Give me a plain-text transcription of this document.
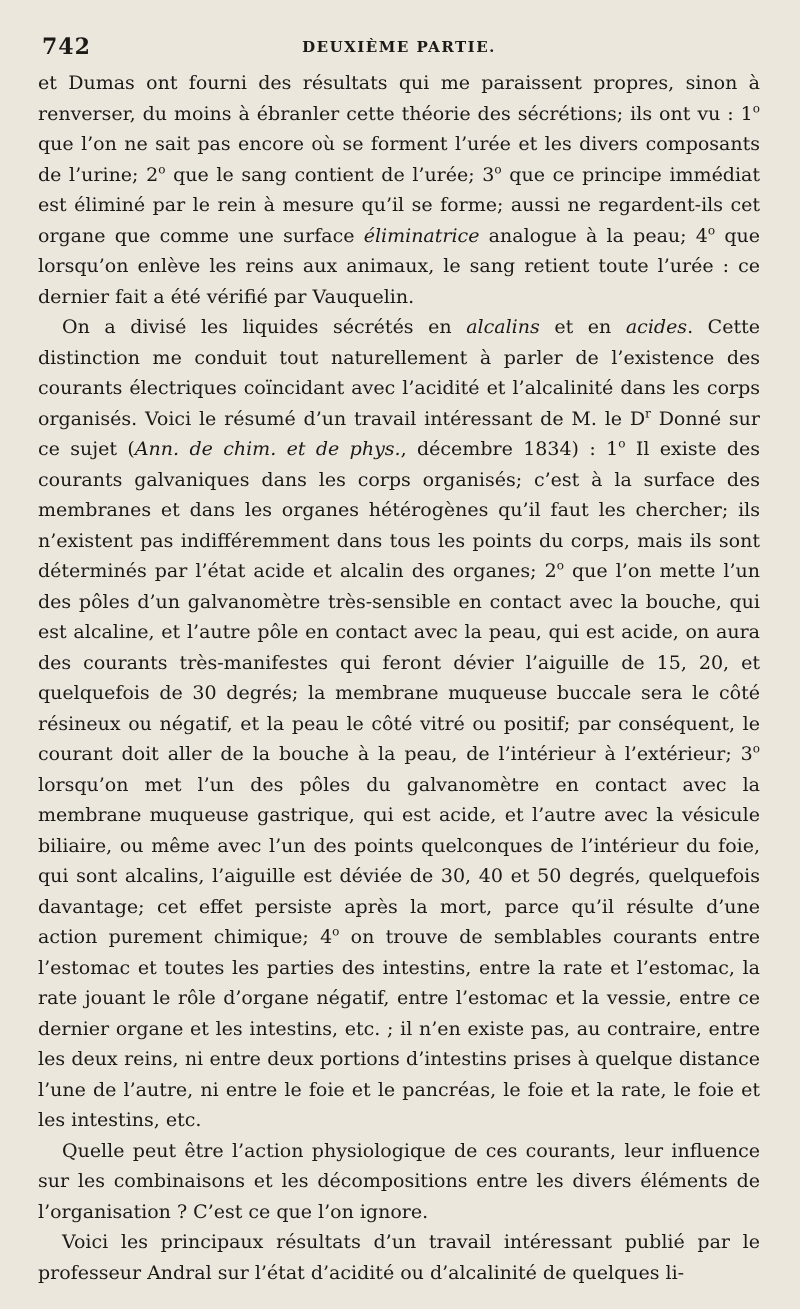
742	DEUXIÈME PARTIE.

et Dumas ont fourni des résultats qui me paraissent propres, sinon à renverser, du moins à ébranler cette théorie des sécrétions; ils ont vu : 1$^o$ que l’on ne sait pas encore où se forment l’urée et les divers composants de l’urine; 2$^o$ que le sang contient de l’urée; 3$^o$ que ce principe immédiat est éliminé par le rein à mesure qu’il se forme; aussi ne regardent-ils cet organe que comme une surface éliminatrice analogue à la peau; 4$^o$ que lorsqu’on enlève les reins aux animaux, le sang retient toute l’urée : ce dernier fait a été vérifié par Vauquelin.

On a divisé les liquides sécrétés en alcalins et en acides. Cette distinction me conduit tout naturellement à parler de l’existence des courants électriques coïncidant avec l’acidité et l’alcalinité dans les corps organisés. Voici le résumé d’un travail intéressant de M. le $D^r$ Donné sur ce sujet (Ann. de chim. et de phys., décembre 1834) : 1$^o$ Il existe des courants galvaniques dans les corps organisés; c’est à la surface des membranes et dans les organes hétérogènes qu’il faut les chercher; ils n’existent pas indifféremment dans tous les points du corps, mais ils sont déterminés par l’état acide et alcalin des organes; 2$^o$ que l’on mette l’un des pôles d’un galvanomètre très-sensible en contact avec la bouche, qui est alcaline, et l’autre pôle en contact avec la peau, qui est acide, on aura des courants très-manifestes qui feront dévier l’aiguille de 15, 20, et quelquefois de 30 degrés; la membrane muqueuse buccale sera le côté résineux ou négatif, et la peau le côté vitré ou positif; par conséquent, le courant doit aller de la bouche à la peau, de l’intérieur à l’extérieur; 3$^o$ lorsqu’on met l’un des pôles du galvanomètre en contact avec la membrane muqueuse gastrique, qui est acide, et l’autre avec la vésicule biliaire, ou même avec l’un des points quelconques de l’intérieur du foie, qui sont alcalins, l’aiguille est déviée de 30, 40 et 50 degrés, quelquefois davantage; cet effet persiste après la mort, parce qu’il résulte d’une action purement chimique; 4$^o$ on trouve de semblables courants entre l’estomac et toutes les parties des intestins, entre la rate et l’estomac, la rate jouant le rôle d’organe négatif, entre l’estomac et la vessie, entre ce dernier organe et les intestins, etc. ; il n’en existe pas, au contraire, entre les deux reins, ni entre deux portions d’intestins prises à quelque distance l’une de l’autre, ni entre le foie et le pancréas, le foie et la rate, le foie et les intestins, etc.

Quelle peut être l’action physiologique de ces courants, leur influence sur les combinaisons et les décompositions entre les divers éléments de l’organisation ? C’est ce que l’on ignore.

Voici les principaux résultats d’un travail intéressant publié par le professeur Andral sur l’état d’acidité ou d’alcalinité de quelques li-
